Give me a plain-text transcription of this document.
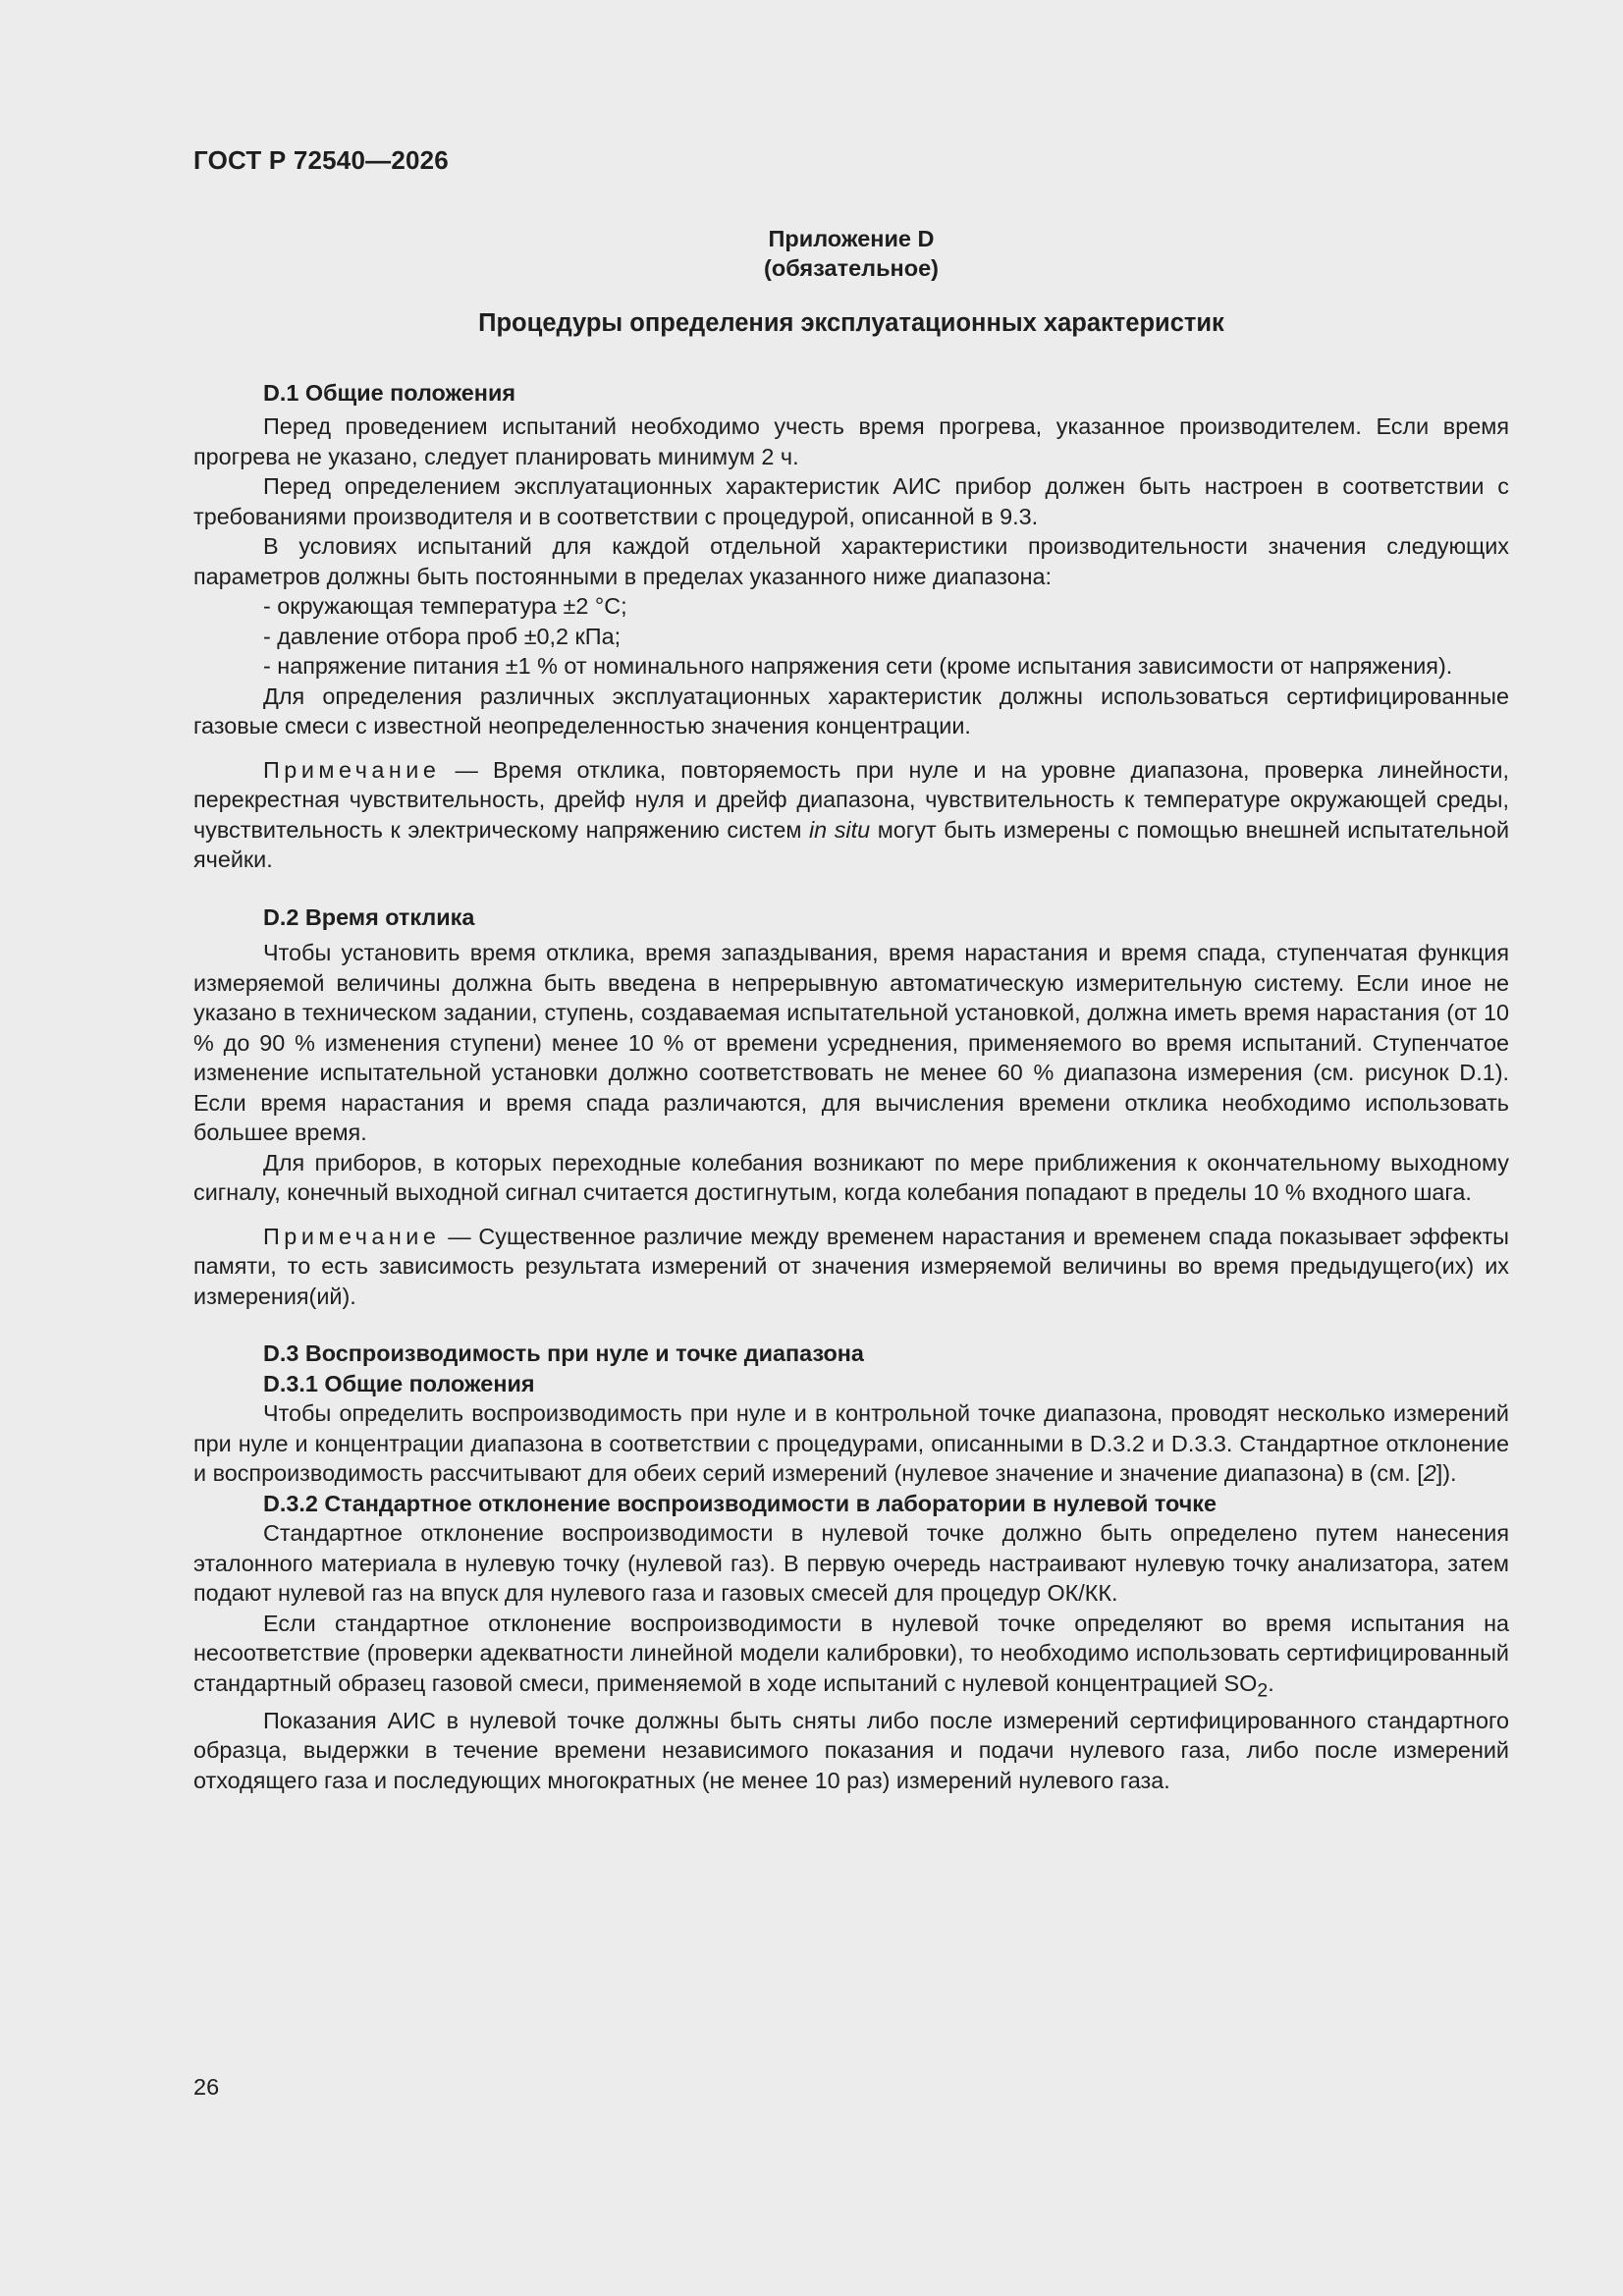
ГОСТ Р 72540—2026
Приложение D
(обязательное)
Процедуры определения эксплуатационных характеристик
D.1 Общие положения

Перед проведением испытаний необходимо учесть время прогрева, указанное производителем. Если время прогрева не указано, следует планировать минимум 2 ч.

Перед определением эксплуатационных характеристик АИС прибор должен быть настроен в соответствии с требованиями производителя и в соответствии с процедурой, описанной в 9.3.

В условиях испытаний для каждой отдельной характеристики производительности значения следующих параметров должны быть постоянными в пределах указанного ниже диапазона:

- окружающая температура ±2 °С;

- давление отбора проб ±0,2 кПа;

- напряжение питания ±1 % от номинального напряжения сети (кроме испытания зависимости от напряжения).

Для определения различных эксплуатационных характеристик должны использоваться сертифицированные газовые смеси с известной неопределенностью значения концентрации.

Примечание — Время отклика, повторяемость при нуле и на уровне диапазона, проверка линейности, перекрестная чувствительность, дрейф нуля и дрейф диапазона, чувствительность к температуре окружающей среды, чувствительность к электрическому напряжению систем in situ могут быть измерены с помощью внешней испытательной ячейки.

D.2 Время отклика

Чтобы установить время отклика, время запаздывания, время нарастания и время спада, ступенчатая функция измеряемой величины должна быть введена в непрерывную автоматическую измерительную систему. Если иное не указано в техническом задании, ступень, создаваемая испытательной установкой, должна иметь время нарастания (от 10 % до 90 % изменения ступени) менее 10 % от времени усреднения, применяемого во время испытаний. Ступенчатое изменение испытательной установки должно соответствовать не менее 60 % диапазона измерения (см. рисунок D.1). Если время нарастания и время спада различаются, для вычисления времени отклика необходимо использовать большее время.

Для приборов, в которых переходные колебания возникают по мере приближения к окончательному выходному сигналу, конечный выходной сигнал считается достигнутым, когда колебания попадают в пределы 10 % входного шага.

Примечание — Существенное различие между временем нарастания и временем спада показывает эффекты памяти, то есть зависимость результата измерений от значения измеряемой величины во время предыдущего(их) их измерения(ий).

D.3 Воспроизводимость при нуле и точке диапазона
D.3.1 Общие положения

Чтобы определить воспроизводимость при нуле и в контрольной точке диапазона, проводят несколько измерений при нуле и концентрации диапазона в соответствии с процедурами, описанными в D.3.2 и D.3.3. Стандартное отклонение и воспроизводимость рассчитывают для обеих серий измерений (нулевое значение и значение диапазона) в (см. [2]).

D.3.2 Стандартное отклонение воспроизводимости в лаборатории в нулевой точке

Стандартное отклонение воспроизводимости в нулевой точке должно быть определено путем нанесения эталонного материала в нулевую точку (нулевой газ). В первую очередь настраивают нулевую точку анализатора, затем подают нулевой газ на впуск для нулевого газа и газовых смесей для процедур ОК/КК.

Если стандартное отклонение воспроизводимости в нулевой точке определяют во время испытания на несоответствие (проверки адекватности линейной модели калибровки), то необходимо использовать сертифицированный стандартный образец газовой смеси, применяемой в ходе испытаний с нулевой концентрацией $SO_2$.

Показания АИС в нулевой точке должны быть сняты либо после измерений сертифицированного стандартного образца, выдержки в течение времени независимого показания и подачи нулевого газа, либо после измерений отходящего газа и последующих многократных (не менее 10 раз) измерений нулевого газа.

26
